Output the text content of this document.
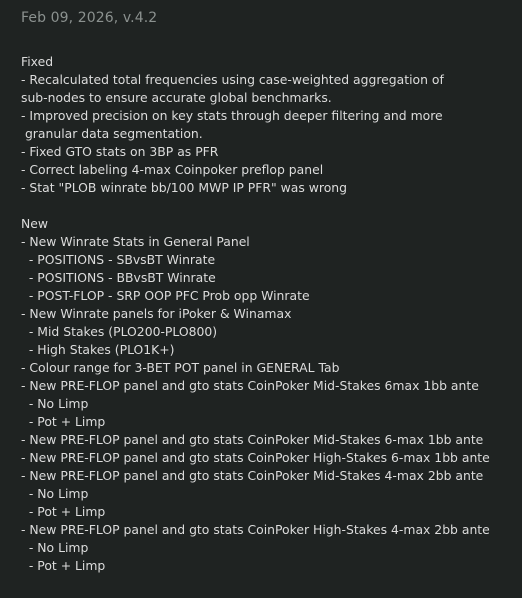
Feb 09, 2026, v.4.2
Fixed
- Recalculated total frequencies using case-weighted aggregation of
sub-nodes to ensure accurate global benchmarks.
- Improved precision on key stats through deeper filtering and more
granular data segmentation.
- Fixed GTO stats on 3BP as PFR
- Correct labeling 4-max Coinpoker preflop panel
- Stat "PLOB winrate bb/100 MWP IP PFR" was wrong
New
- New Winrate Stats in General Panel
- POSITIONS - SBvsBT Winrate
- POSITIONS - BBvsBT Winrate
- POST-FLOP - SRP OOP PFC Prob opp Winrate
- New Winrate panels for iPoker & Winamax
- Mid Stakes (PLO200-PLO800)
- High Stakes (PLO1K+)
- Colour range for 3-BET POT panel in GENERAL Tab
- New PRE-FLOP panel and gto stats CoinPoker Mid-Stakes 6max 1bb ante
- No Limp
- Pot + Limp
- New PRE-FLOP panel and gto stats CoinPoker Mid-Stakes 6-max 1bb ante
- New PRE-FLOP panel and gto stats CoinPoker High-Stakes 6-max 1bb ante
- New PRE-FLOP panel and gto stats CoinPoker Mid-Stakes 4-max 2bb ante
- No Limp
- Pot + Limp
- New PRE-FLOP panel and gto stats CoinPoker High-Stakes 4-max 2bb ante
- No Limp
- Pot + Limp
